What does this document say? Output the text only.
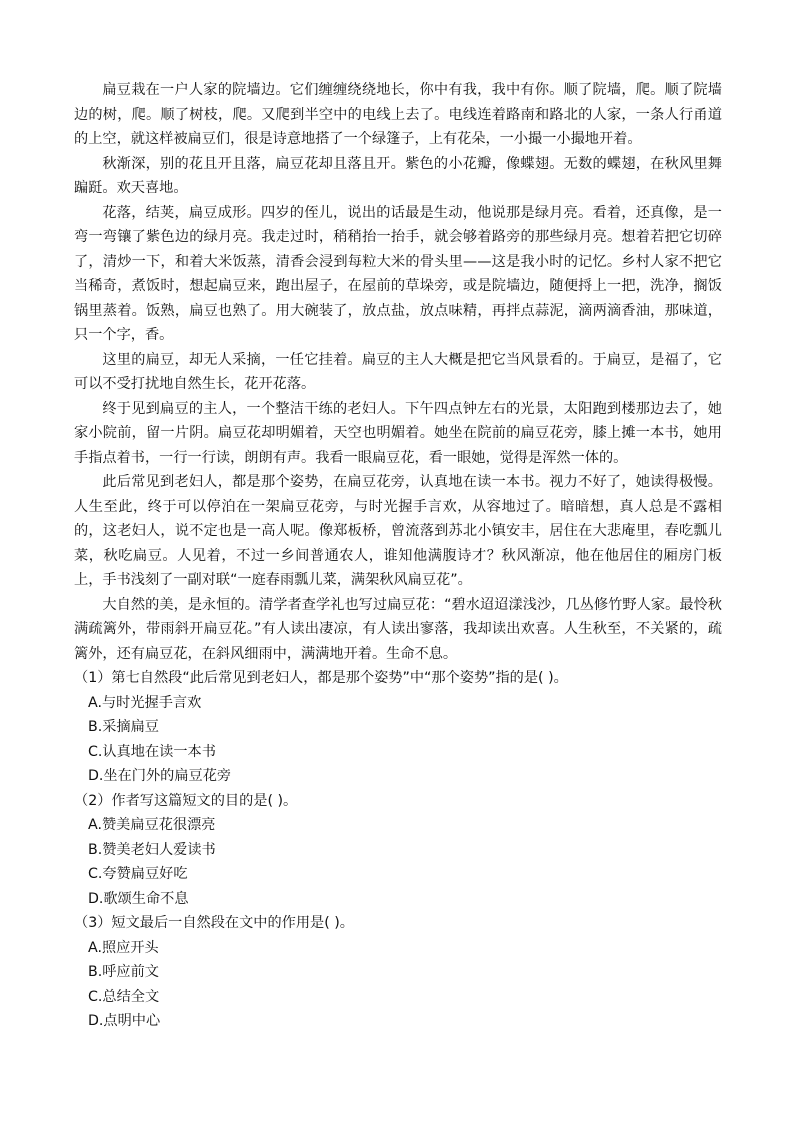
扁豆栽在一户人家的院墙边。它们缠缠绕绕地长，你中有我，我中有你。顺了院墙，爬。顺了院墙边的树，爬。顺了树枝，爬。又爬到半空中的电线上去了。电线连着路南和路北的人家，一条人行甬道的上空，就这样被扁豆们，很是诗意地搭了一个绿篷子，上有花朵，一小撮一小撮地开着。

秋渐深，别的花且开且落，扁豆花却且落且开。紫色的小花瓣，像蝶翅。无数的蝶翅，在秋风里舞蹁跹。欢天喜地。

花落，结荚，扁豆成形。四岁的侄儿，说出的话最是生动，他说那是绿月亮。看着，还真像，是一弯一弯镶了紫色边的绿月亮。我走过时，稍稍抬一抬手，就会够着路旁的那些绿月亮。想着若把它切碎了，清炒一下，和着大米饭蒸，清香会浸到每粒大米的骨头里——这是我小时的记忆。乡村人家不把它当稀奇，煮饭时，想起扁豆来，跑出屋子，在屋前的草垛旁，或是院墙边，随便捋上一把，洗净，搁饭锅里蒸着。饭熟，扁豆也熟了。用大碗装了，放点盐，放点味精，再拌点蒜泥，滴两滴香油，那味道，只一个字，香。

这里的扁豆，却无人采摘，一任它挂着。扁豆的主人大概是把它当风景看的。于扁豆，是福了，它可以不受打扰地自然生长，花开花落。

终于见到扁豆的主人，一个整洁干练的老妇人。下午四点钟左右的光景，太阳跑到楼那边去了，她家小院前，留一片阴。扁豆花却明媚着，天空也明媚着。她坐在院前的扁豆花旁，膝上摊一本书，她用手指点着书，一行一行读，朗朗有声。我看一眼扁豆花，看一眼她，觉得是浑然一体的。

此后常见到老妇人，都是那个姿势，在扁豆花旁，认真地在读一本书。视力不好了，她读得极慢。人生至此，终于可以停泊在一架扁豆花旁，与时光握手言欢，从容地过了。暗暗想，真人总是不露相的，这老妇人，说不定也是一高人呢。像郑板桥，曾流落到苏北小镇安丰，居住在大悲庵里，春吃瓢儿菜，秋吃扁豆。人见着，不过一乡间普通农人，谁知他满腹诗才？秋风渐凉，他在他居住的厢房门板上，手书浅刻了一副对联“一庭春雨瓢儿菜，满架秋风扁豆花”。

大自然的美，是永恒的。清学者查学礼也写过扁豆花：“碧水迢迢漾浅沙，几丛修竹野人家。最怜秋满疏篱外，带雨斜开扁豆花。”有人读出凄凉，有人读出寥落，我却读出欢喜。人生秋至，不关紧的，疏篱外，还有扁豆花，在斜风细雨中，满满地开着。生命不息。

（1）第七自然段“此后常见到老妇人，都是那个姿势”中“那个姿势”指的是( )。

A.与时光握手言欢
B.采摘扁豆
C.认真地在读一本书
D.坐在门外的扁豆花旁

（2）作者写这篇短文的目的是( )。

A.赞美扁豆花很漂亮
B.赞美老妇人爱读书
C.夸赞扁豆好吃
D.歌颂生命不息

（3）短文最后一自然段在文中的作用是( )。

A.照应开头
B.呼应前文
C.总结全文
D.点明中心
